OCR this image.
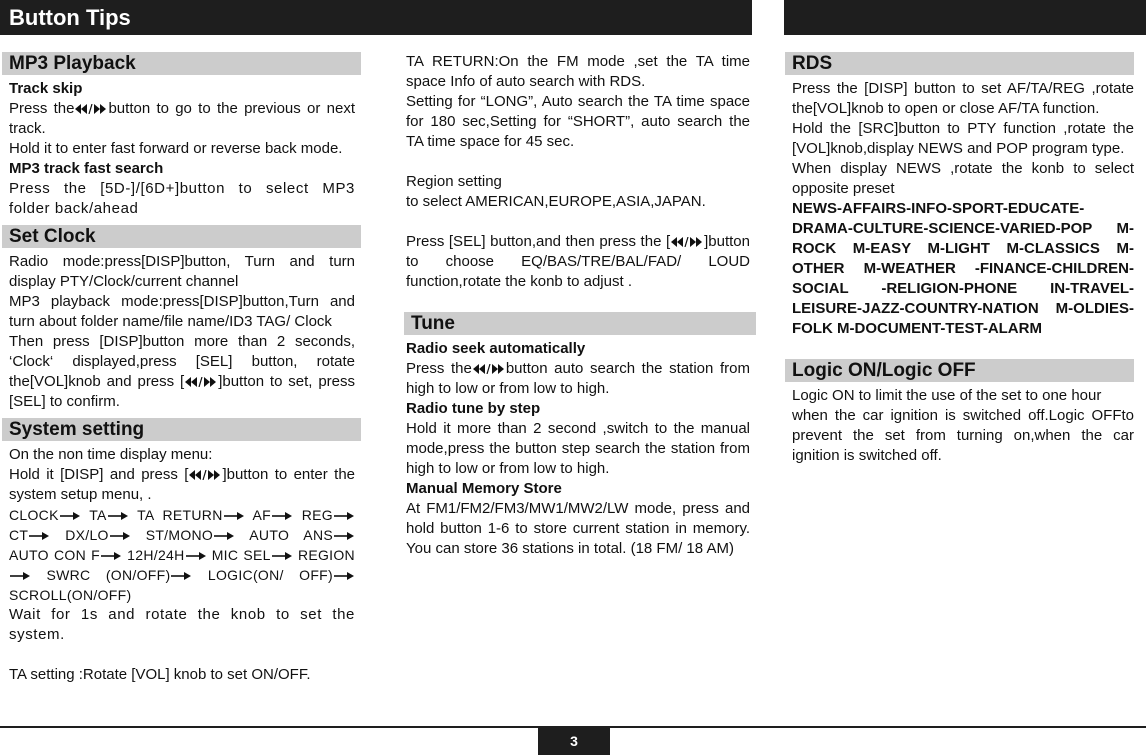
Button Tips
MP3 Playback

Track skip

Press the button to go to the previous or next track.

Hold it to enter fast forward or reverse back mode.

MP3 track fast search

Press the [5D-]/[6D+]button to select MP3 folder back/ahead

Set Clock

Radio mode:press[DISP]button, Turn and turn display PTY/Clock/current channel

MP3 playback mode:press[DISP]button,Turn and turn about folder name/file name/ID3 TAG/ Clock

Then press [DISP]button more than 2 seconds, ‘Clock‘ displayed,press [SEL] button, rotate the[VOL]knob and press [ ]button to set, press [SEL] to confirm.

System setting

On the non time display menu:

Hold it [DISP] and press [ ]button to enter the system setup menu, .

CLOCK TA TA RETURN AF REG CT	DX/LO	ST/MONO	AUTO ANS AUTO CON F 12H/24H MIC SEL REGION SWRC (ON/OFF)	LOGIC(ON/ OFF) SCROLL(ON/OFF)

Wait for 1s and rotate the knob to set the system.

TA setting :Rotate [VOL] knob to set ON/OFF.

TA RETURN:On the FM mode ,set the TA time space Info of auto search with RDS.

Setting for “LONG”, Auto search the TA time space for 180 sec,Setting for “SHORT”, auto search the TA time space for 45 sec.

Region setting

to select AMERICAN,EUROPE,ASIA,JAPAN.

Press [SEL] button,and then press the [ ]button to choose EQ/BAS/TRE/BAL/FAD/ LOUD function,rotate the konb to adjust .

Tune

Radio seek automatically

Press the button auto search the station from high to low or from low to high.

Radio tune by step

Hold it more than 2 second ,switch to the manual mode,press the button step search the station from high to low or from low to high.

Manual Memory Store

At FM1/FM2/FM3/MW1/MW2/LW mode, press and hold button 1-6 to store current station in memory. You can store 36 stations in total. (18 FM/ 18 AM)

RDS

Press the [DISP] button to set AF/TA/REG ,rotate the[VOL]knob to open or close AF/TA function.

Hold the [SRC]button to PTY function ,rotate the [VOL]knob,display NEWS and POP program type.

When display NEWS ,rotate the konb to select opposite preset

NEWS-AFFAIRS-INFO-SPORT-EDUCATE-DRAMA-CULTURE-SCIENCE-VARIED-POP M-ROCK M-EASY M-LIGHT M-CLASSICS M-OTHER M-WEATHER -FINANCE-CHILDREN-SOCIAL -RELIGION-PHONE IN-TRAVEL-LEISURE-JAZZ-COUNTRY-NATION M-OLDIES-FOLK M-DOCUMENT-TEST-ALARM

Logic ON/Logic OFF

Logic ON to limit the use of the set to one hour

when the car ignition is switched off.Logic OFFto prevent the set from turning on,when the car ignition is switched off.

3
